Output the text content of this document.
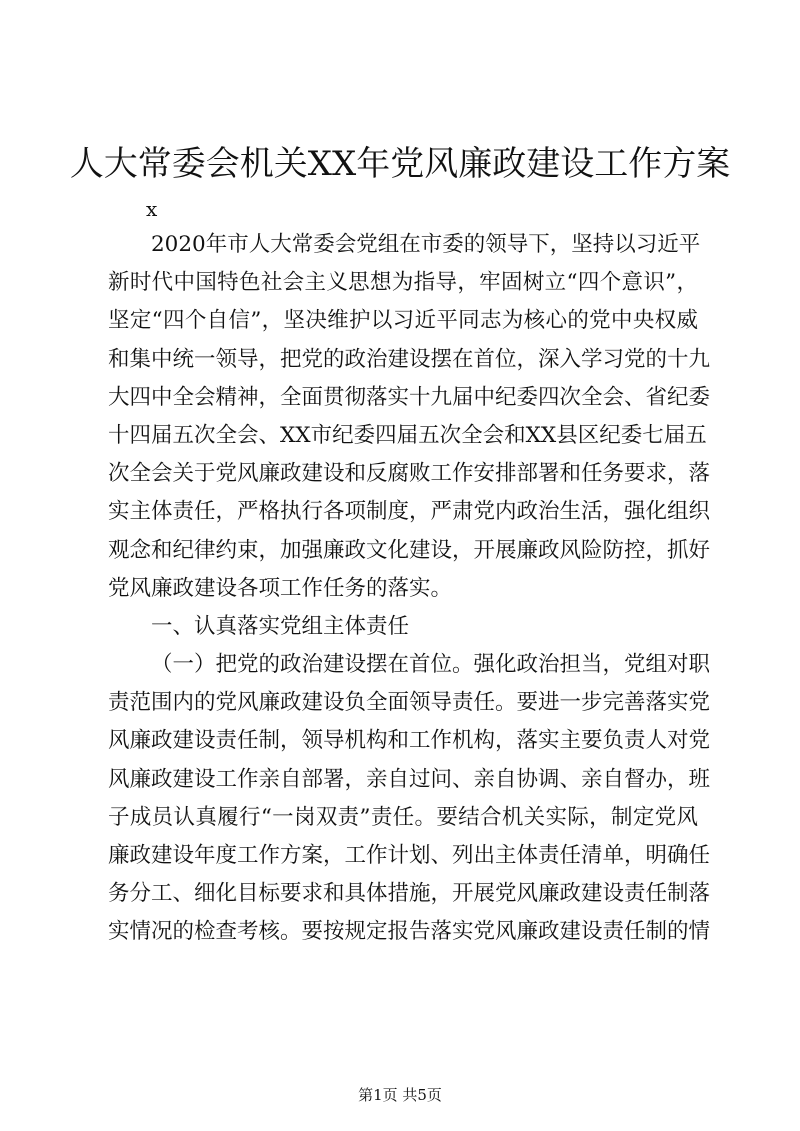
人大常委会机关XX年党风廉政建设工作方案
x
2020年市人大常委会党组在市委的领导下，坚持以习近平
新时代中国特色社会主义思想为指导，牢固树立“四个意识”，
坚定“四个自信”，坚决维护以习近平同志为核心的党中央权威
和集中统一领导，把党的政治建设摆在首位，深入学习党的十九
大四中全会精神，全面贯彻落实十九届中纪委四次全会、省纪委
十四届五次全会、XX市纪委四届五次全会和XX县区纪委七届五
次全会关于党风廉政建设和反腐败工作安排部署和任务要求，落
实主体责任，严格执行各项制度，严肃党内政治生活，强化组织
观念和纪律约束，加强廉政文化建设，开展廉政风险防控，抓好
党风廉政建设各项工作任务的落实。
一、认真落实党组主体责任
（一）把党的政治建设摆在首位。强化政治担当，党组对职
责范围内的党风廉政建设负全面领导责任。要进一步完善落实党
风廉政建设责任制，领导机构和工作机构，落实主要负责人对党
风廉政建设工作亲自部署，亲自过问、亲自协调、亲自督办，班
子成员认真履行“一岗双责”责任。要结合机关实际，制定党风
廉政建设年度工作方案，工作计划、列出主体责任清单，明确任
务分工、细化目标要求和具体措施，开展党风廉政建设责任制落
实情况的检查考核。要按规定报告落实党风廉政建设责任制的情
第1页 共5页
